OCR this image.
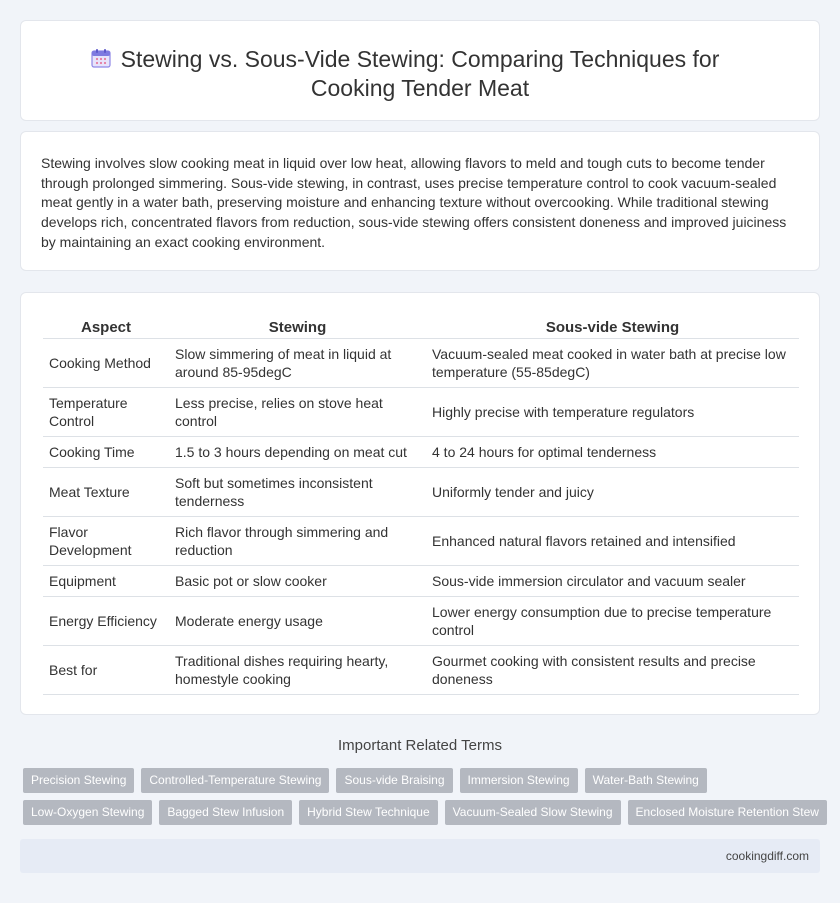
Stewing vs. Sous-Vide Stewing: Comparing Techniques for
Cooking Tender Meat

Stewing involves slow cooking meat in liquid over low heat, allowing flavors to meld and tough cuts to become tender through prolonged simmering. Sous-vide stewing, in contrast, uses precise temperature control to cook vacuum-sealed meat gently in a water bath, preserving moisture and enhancing texture without overcooking. While traditional stewing develops rich, concentrated flavors from reduction, sous-vide stewing offers consistent doneness and improved juiciness by maintaining an exact cooking environment.

Aspect	Stewing	Sous-vide Stewing
Cooking Method	Slow simmering of meat in liquid at around 85-95degC	Vacuum-sealed meat cooked in water bath at precise low temperature (55-85degC)
Temperature Control	Less precise, relies on stove heat control	Highly precise with temperature regulators
Cooking Time	1.5 to 3 hours depending on meat cut	4 to 24 hours for optimal tenderness
Meat Texture	Soft but sometimes inconsistent tenderness	Uniformly tender and juicy
Flavor Development	Rich flavor through simmering and reduction	Enhanced natural flavors retained and intensified
Equipment	Basic pot or slow cooker	Sous-vide immersion circulator and vacuum sealer
Energy Efficiency	Moderate energy usage	Lower energy consumption due to precise temperature control
Best for	Traditional dishes requiring hearty, homestyle cooking	Gourmet cooking with consistent results and precise doneness
Important Related Terms
Precision Stewing	Controlled-Temperature Stewing	Sous-vide Braising	Immersion Stewing	Water-Bath Stewing
Low-Oxygen Stewing	Bagged Stew Infusion	Hybrid Stew Technique	Vacuum-Sealed Slow Stewing	Enclosed Moisture Retention Stew
cookingdiff.com
